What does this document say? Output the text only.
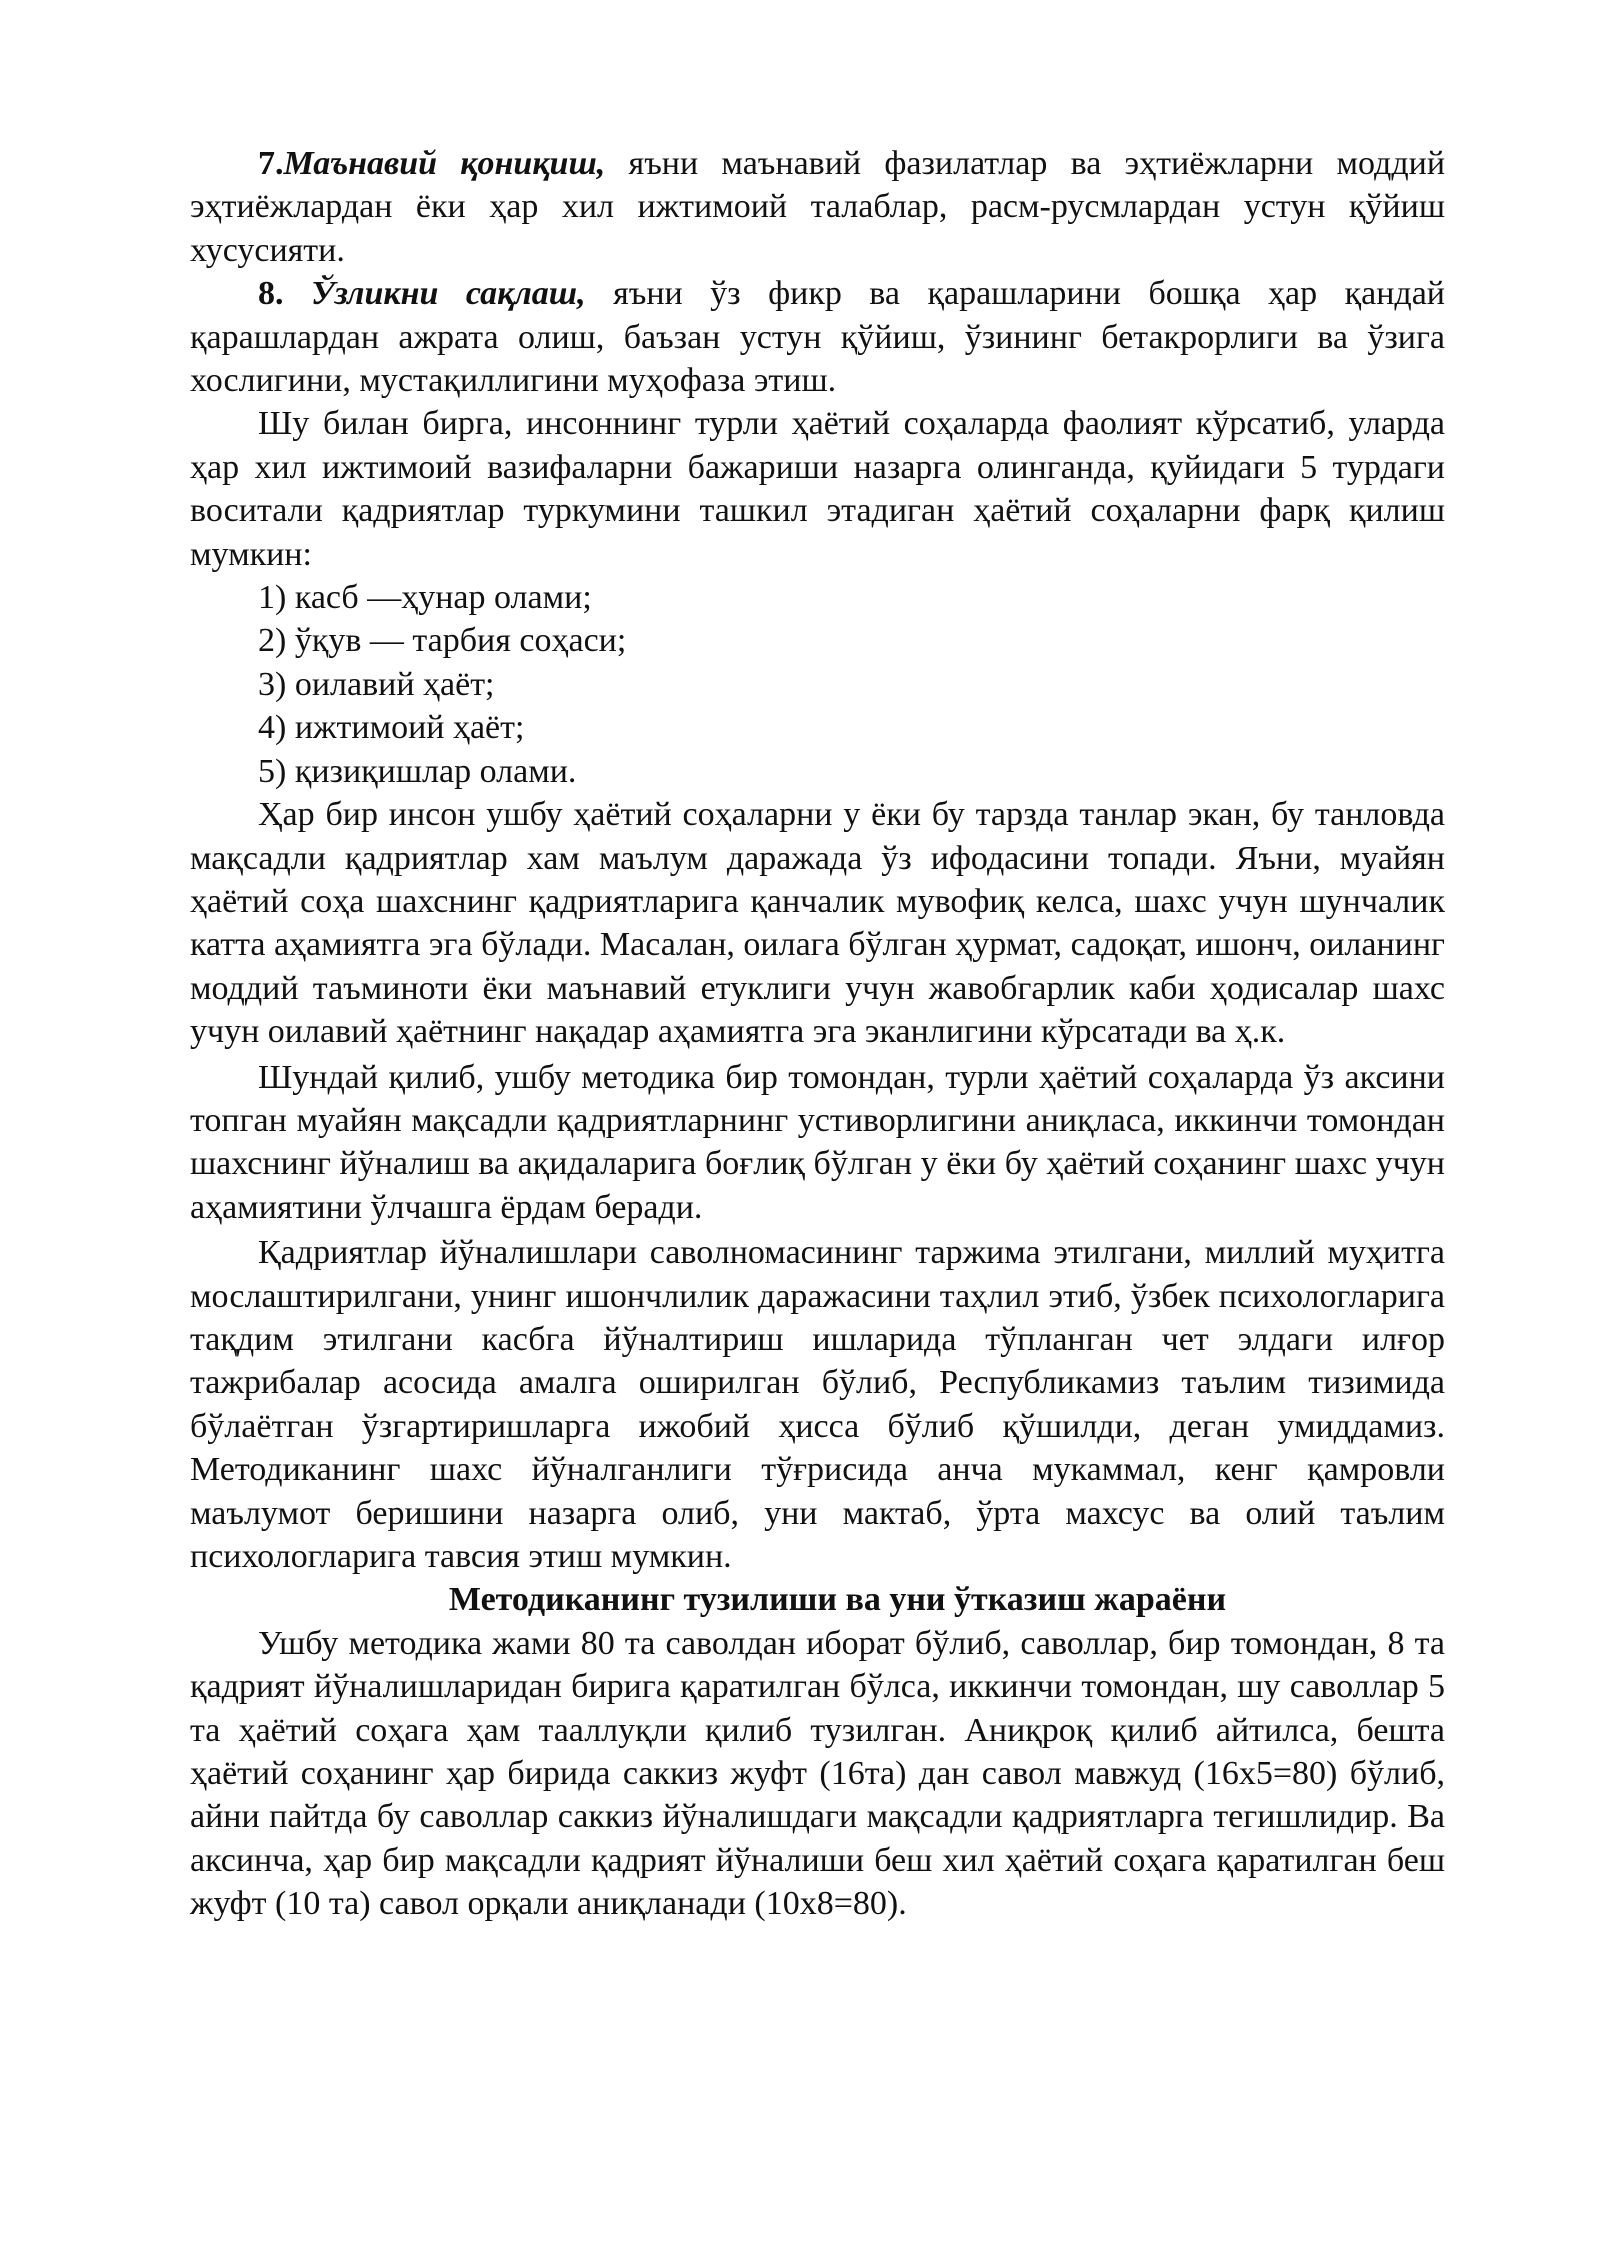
7.Маънавий қониқиш, яъни маънавий фазилатлар ва эҳтиёжларни моддий эҳтиёжлардан ёки ҳар хил ижтимоий талаблар, расм-русмлардан устун қўйиш хусусияти.

8. Ўзликни сақлаш, яъни ўз фикр ва қарашларини бошқа ҳар қандай қарашлардан ажрата олиш, баъзан устун қўйиш, ўзининг бетакрорлиги ва ўзига хослигини, мустақиллигини муҳофаза этиш.

Шу билан бирга, инсоннинг турли ҳаётий соҳаларда фаолият кўрсатиб, уларда ҳар хил ижтимоий вазифаларни бажариши назарга олинганда, қуйидаги 5 турдаги воситали қадриятлар туркумини ташкил этадиган ҳаётий соҳаларни фарқ қилиш мумкин:

1) касб —ҳунар олами;
2) ўқув — тарбия соҳаси;
3) оилавий ҳаёт;
4) ижтимоий ҳаёт;
5) қизиқишлар олами.

Ҳар бир инсон ушбу ҳаётий соҳаларни у ёки бу тарзда танлар экан, бу танловда мақсадли қадриятлар хам маълум даражада ўз ифодасини топади. Яъни, муайян ҳаётий соҳа шахснинг қадриятларига қанчалик мувофиқ келса, шахс учун шунчалик катта аҳамиятга эга бўлади. Масалан, оилага бўлган ҳурмат, садоқат, ишонч, оиланинг моддий таъминоти ёки маънавий етуклиги учун жавобгарлик каби ҳодисалар шахс учун оилавий ҳаётнинг нақадар аҳамиятга эга эканлигини кўрсатади ва ҳ.к.

Шундай қилиб, ушбу методика бир томондан, турли ҳаётий соҳаларда ўз аксини топган муайян мақсадли қадриятларнинг устиворлигини аниқласа, иккинчи томондан шахснинг йўналиш ва ақидаларига боғлиқ бўлган у ёки бу ҳаётий соҳанинг шахс учун аҳамиятини ўлчашга ёрдам беради.

Қадриятлар йўналишлари саволномасининг таржима этилгани, миллий муҳитга мослаштирилгани, унинг ишончлилик даражасини таҳлил этиб, ўзбек психологларига тақдим этилгани касбга йўналтириш ишларида тўпланган чет элдаги илғор тажрибалар асосида амалга оширилган бўлиб, Республикамиз таълим тизимида бўлаётган ўзгартиришларга ижобий ҳисса бўлиб қўшилди, деган умиддамиз. Методиканинг шахс йўналганлиги тўғрисида анча мукаммал, кенг қамровли маълумот беришини назарга олиб, уни мактаб, ўрта махсус ва олий таълим психологларига тавсия этиш мумкин.

Методиканинг тузилиши ва уни ўтказиш жараёни

Ушбу методика жами 80 та саволдан иборат бўлиб, саволлар, бир томондан, 8 та қадрият йўналишларидан бирига қаратилган бўлса, иккинчи томондан, шу саволлар 5 та ҳаётий соҳага ҳам тааллуқли қилиб тузилган. Аниқроқ қилиб айтилса, бешта ҳаётий соҳанинг ҳар бирида саккиз жуфт (16та) дан савол мавжуд (16х5=80) бўлиб, айни пайтда бу саволлар саккиз йўналишдаги мақсадли қадриятларга тегишлидир. Ва аксинча, ҳар бир мақсадли қадрият йўналиши беш хил ҳаётий соҳага қаратилган беш жуфт (10 та) савол орқали аниқланади (10х8=80).
